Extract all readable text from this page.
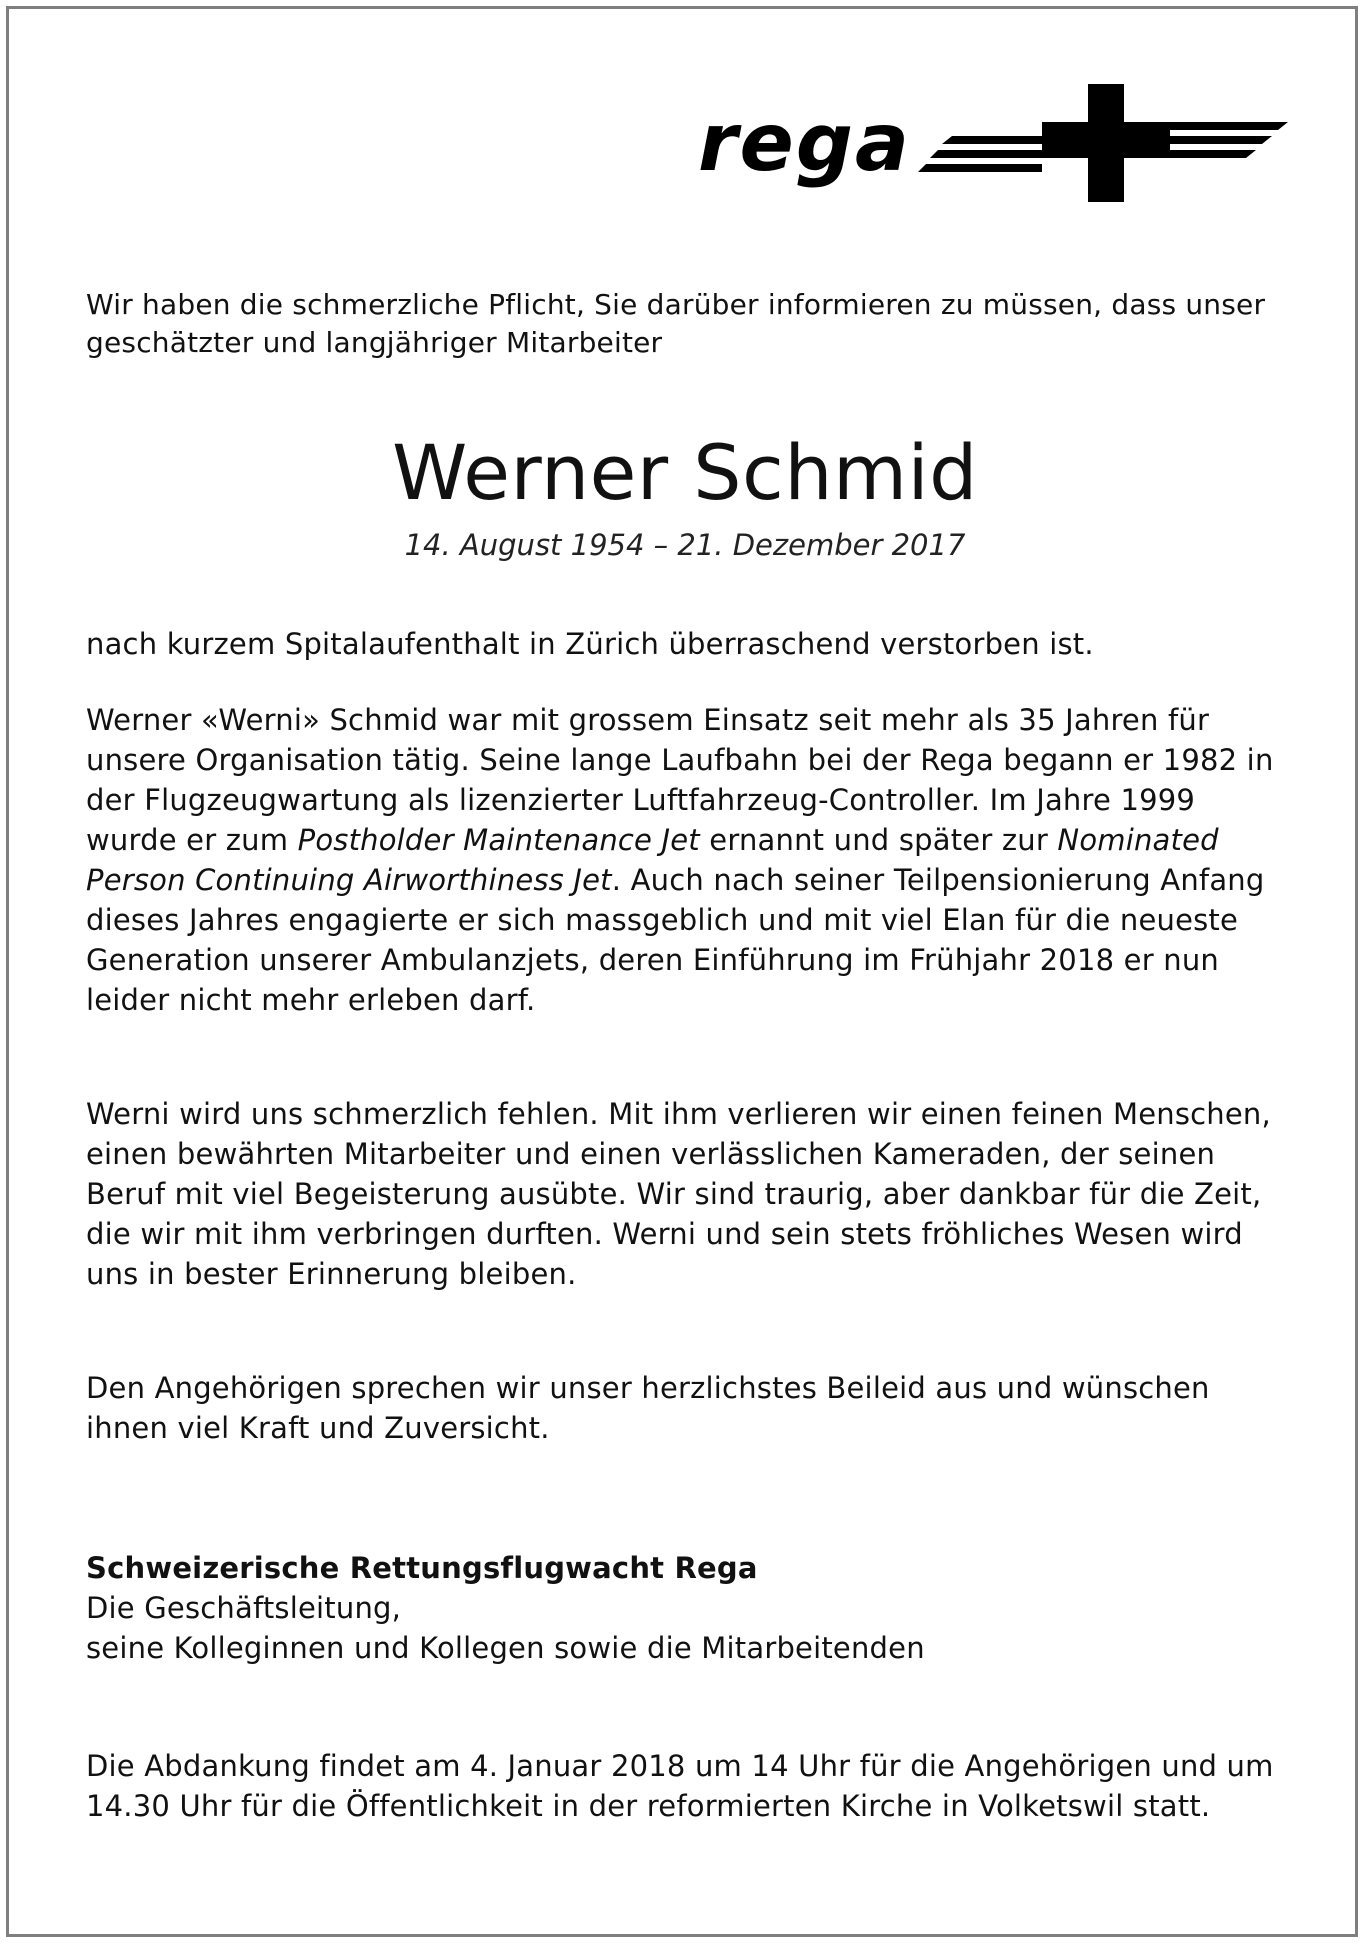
rega

Wir haben die schmerzliche Pflicht, Sie darüber informieren zu müssen, dass unser geschätzter und langjähriger Mitarbeiter

Werner Schmid

14. August 1954 – 21. Dezember 2017

nach kurzem Spitalaufenthalt in Zürich überraschend verstorben ist.

Werner «Werni» Schmid war mit grossem Einsatz seit mehr als 35 Jahren für unsere Organisation tätig. Seine lange Laufbahn bei der Rega begann er 1982 in der Flugzeugwartung als lizenzierter Luftfahrzeug-Controller. Im Jahre 1999 wurde er zum Postholder Maintenance Jet ernannt und später zur Nominated Person Continuing Airworthiness Jet. Auch nach seiner Teilpensionierung Anfang dieses Jahres engagierte er sich massgeblich und mit viel Elan für die neueste Generation unserer Ambulanzjets, deren Einführung im Frühjahr 2018 er nun leider nicht mehr erleben darf.

Werni wird uns schmerzlich fehlen. Mit ihm verlieren wir einen feinen Menschen, einen bewährten Mitarbeiter und einen verlässlichen Kameraden, der seinen Beruf mit viel Begeisterung ausübte. Wir sind traurig, aber dankbar für die Zeit, die wir mit ihm verbringen durften. Werni und sein stets fröhliches Wesen wird uns in bester Erinnerung bleiben.

Den Angehörigen sprechen wir unser herzlichstes Beileid aus und wünschen ihnen viel Kraft und Zuversicht.

Schweizerische Rettungsflugwacht Rega
Die Geschäftsleitung,
seine Kolleginnen und Kollegen sowie die Mitarbeitenden

Die Abdankung findet am 4. Januar 2018 um 14 Uhr für die Angehörigen und um 14.30 Uhr für die Öffentlichkeit in der reformierten Kirche in Volketswil statt.
